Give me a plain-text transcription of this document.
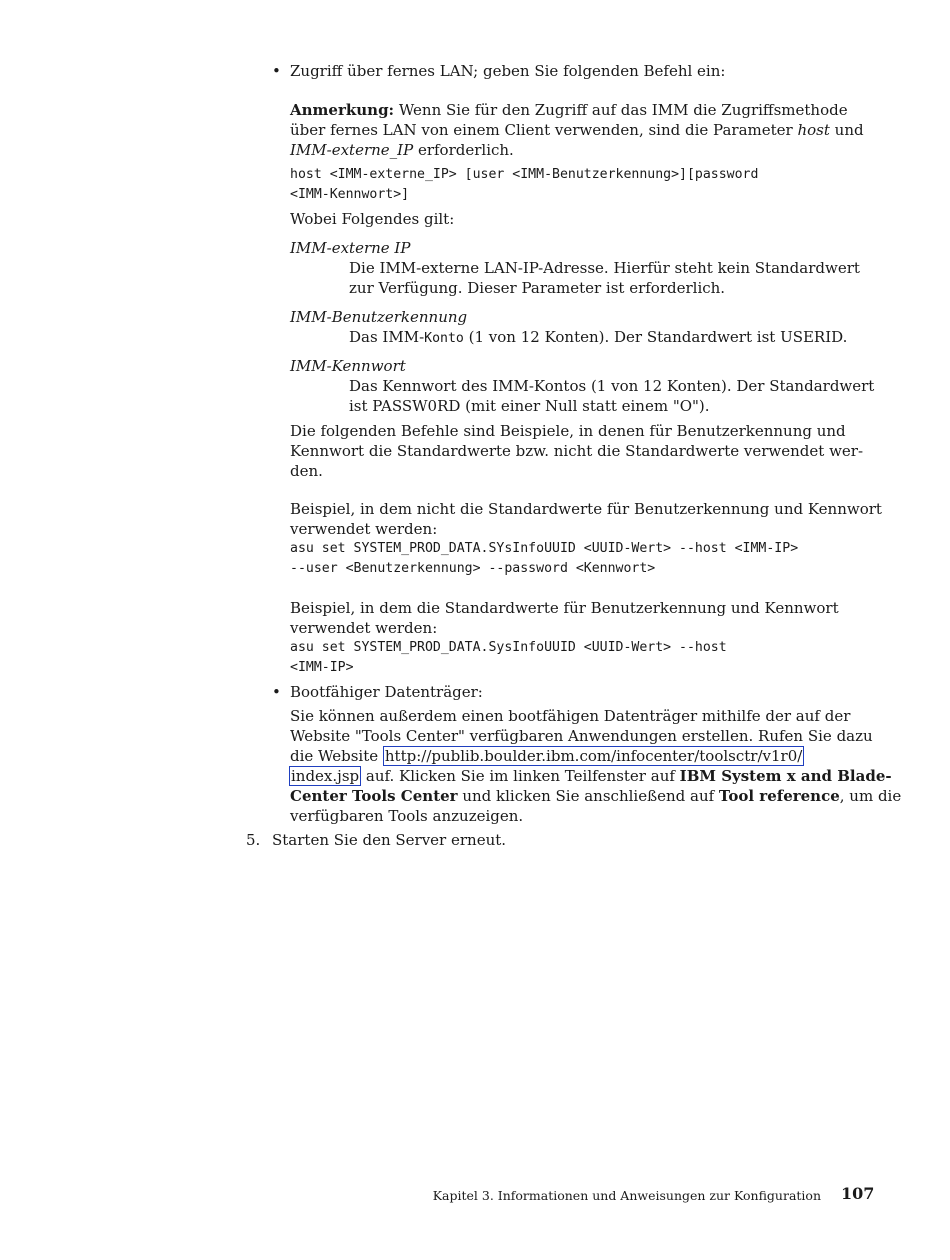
• Zugriff über fernes LAN; geben Sie folgenden Befehl ein:
Anmerkung: Wenn Sie für den Zugriff auf das IMM die Zugriffsmethode
über fernes LAN von einem Client verwenden, sind die Parameter host und
IMM-externe_IP erforderlich.
host <IMM-externe_IP> [user <IMM-Benutzerkennung>][password
<IMM-Kennwort>]
Wobei Folgendes gilt:
IMM-externe IP
Die IMM-externe LAN-IP-Adresse. Hierfür steht kein Standardwert
zur Verfügung. Dieser Parameter ist erforderlich.
IMM-Benutzerkennung
Das IMM-Konto (1 von 12 Konten). Der Standardwert ist USERID.
IMM-Kennwort
Das Kennwort des IMM-Kontos (1 von 12 Konten). Der Standardwert
ist PASSW0RD (mit einer Null statt einem "O").
Die folgenden Befehle sind Beispiele, in denen für Benutzerkennung und
Kennwort die Standardwerte bzw. nicht die Standardwerte verwendet wer-
den.
Beispiel, in dem nicht die Standardwerte für Benutzerkennung und Kennwort
verwendet werden:
asu set SYSTEM_PROD_DATA.SYsInfoUUID <UUID-Wert> --host <IMM-IP>
--user <Benutzerkennung> --password <Kennwort>
Beispiel, in dem die Standardwerte für Benutzerkennung und Kennwort
verwendet werden:
asu set SYSTEM_PROD_DATA.SysInfoUUID <UUID-Wert> --host
<IMM-IP>
• Bootfähiger Datenträger:
Sie können außerdem einen bootfähigen Datenträger mithilfe der auf der
Website "Tools Center" verfügbaren Anwendungen erstellen. Rufen Sie dazu
die Website http://publib.boulder.ibm.com/infocenter/toolsctr/v1r0/
index.jsp auf. Klicken Sie im linken Teilfenster auf IBM System x and Blade-
Center Tools Center und klicken Sie anschließend auf Tool reference, um die
verfügbaren Tools anzuzeigen.
5. Starten Sie den Server erneut.
Kapitel 3. Informationen und Anweisungen zur Konfiguration 107
